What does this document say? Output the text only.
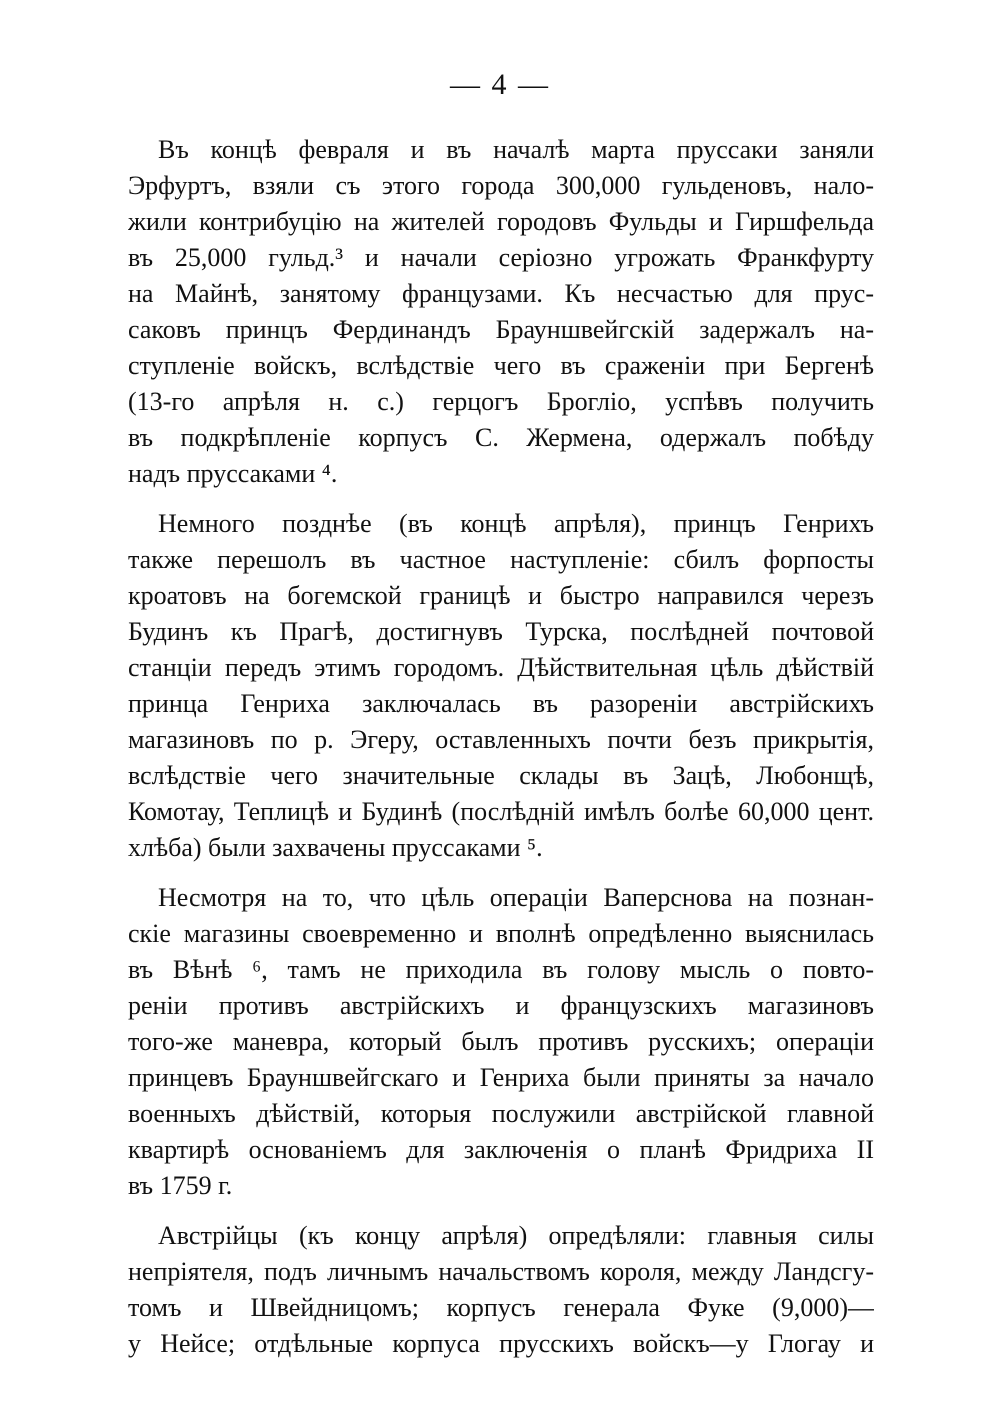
— 4 —
Въ концѣ февраля и въ началѣ марта пруссаки заняли
Эрфуртъ, взяли съ этого города 300,000 гульденовъ, нало-
жили контрибуцію на жителей городовъ Фульды и Гиршфельда
въ 25,000 гульд.³ и начали серіозно угрожать Франкфурту
на Майнѣ, занятому французами. Къ несчастью для прус-
саковъ принцъ Фердинандъ Брауншвейгскій задержалъ на-
ступленіе войскъ, вслѣдствіе чего въ сраженіи при Бергенѣ
(13-го апрѣля н. с.) герцогъ Брогліо, успѣвъ получить
въ подкрѣпленіе корпусъ С. Жермена, одержалъ побѣду
надъ пруссаками ⁴.
Немного позднѣе (въ концѣ апрѣля), принцъ Генрихъ
также перешолъ въ частное наступленіе: сбилъ форпосты
кроатовъ на богемской границѣ и быстро направился черезъ
Будинъ къ Прагѣ, достигнувъ Турска, послѣдней почтовой
станціи передъ этимъ городомъ. Дѣйствительная цѣль дѣйствій
принца Генриха заключалась въ разореніи австрійскихъ
магазиновъ по р. Эгеру, оставленныхъ почти безъ прикрытія,
вслѣдствіе чего значительные склады въ Зацѣ, Любонщѣ,
Комотау, Теплицѣ и Будинѣ (послѣдній имѣлъ болѣе 60,000 цент.
хлѣба) были захвачены пруссаками ⁵.
Несмотря на то, что цѣль операціи Ваперснова на познан-
скіе магазины своевременно и вполнѣ опредѣленно выяснилась
въ Вѣнѣ ⁶, тамъ не приходила въ голову мысль о повто-
реніи противъ австрійскихъ и французскихъ магазиновъ
того-же маневра, который былъ противъ русскихъ; операціи
принцевъ Брауншвейгскаго и Генриха были приняты за начало
военныхъ дѣйствій, которыя послужили австрійской главной
квартирѣ основаніемъ для заключенія о планѣ Фридриха II
въ 1759 г.
Австрійцы (къ концу апрѣля) опредѣляли: главныя силы
непріятеля, подъ личнымъ начальствомъ короля, между Ландсгу-
томъ и Швейдницомъ; корпусъ генерала Фуке (9,000)—
у Нейсе; отдѣльные корпуса прусскихъ войскъ—у Глогау и
